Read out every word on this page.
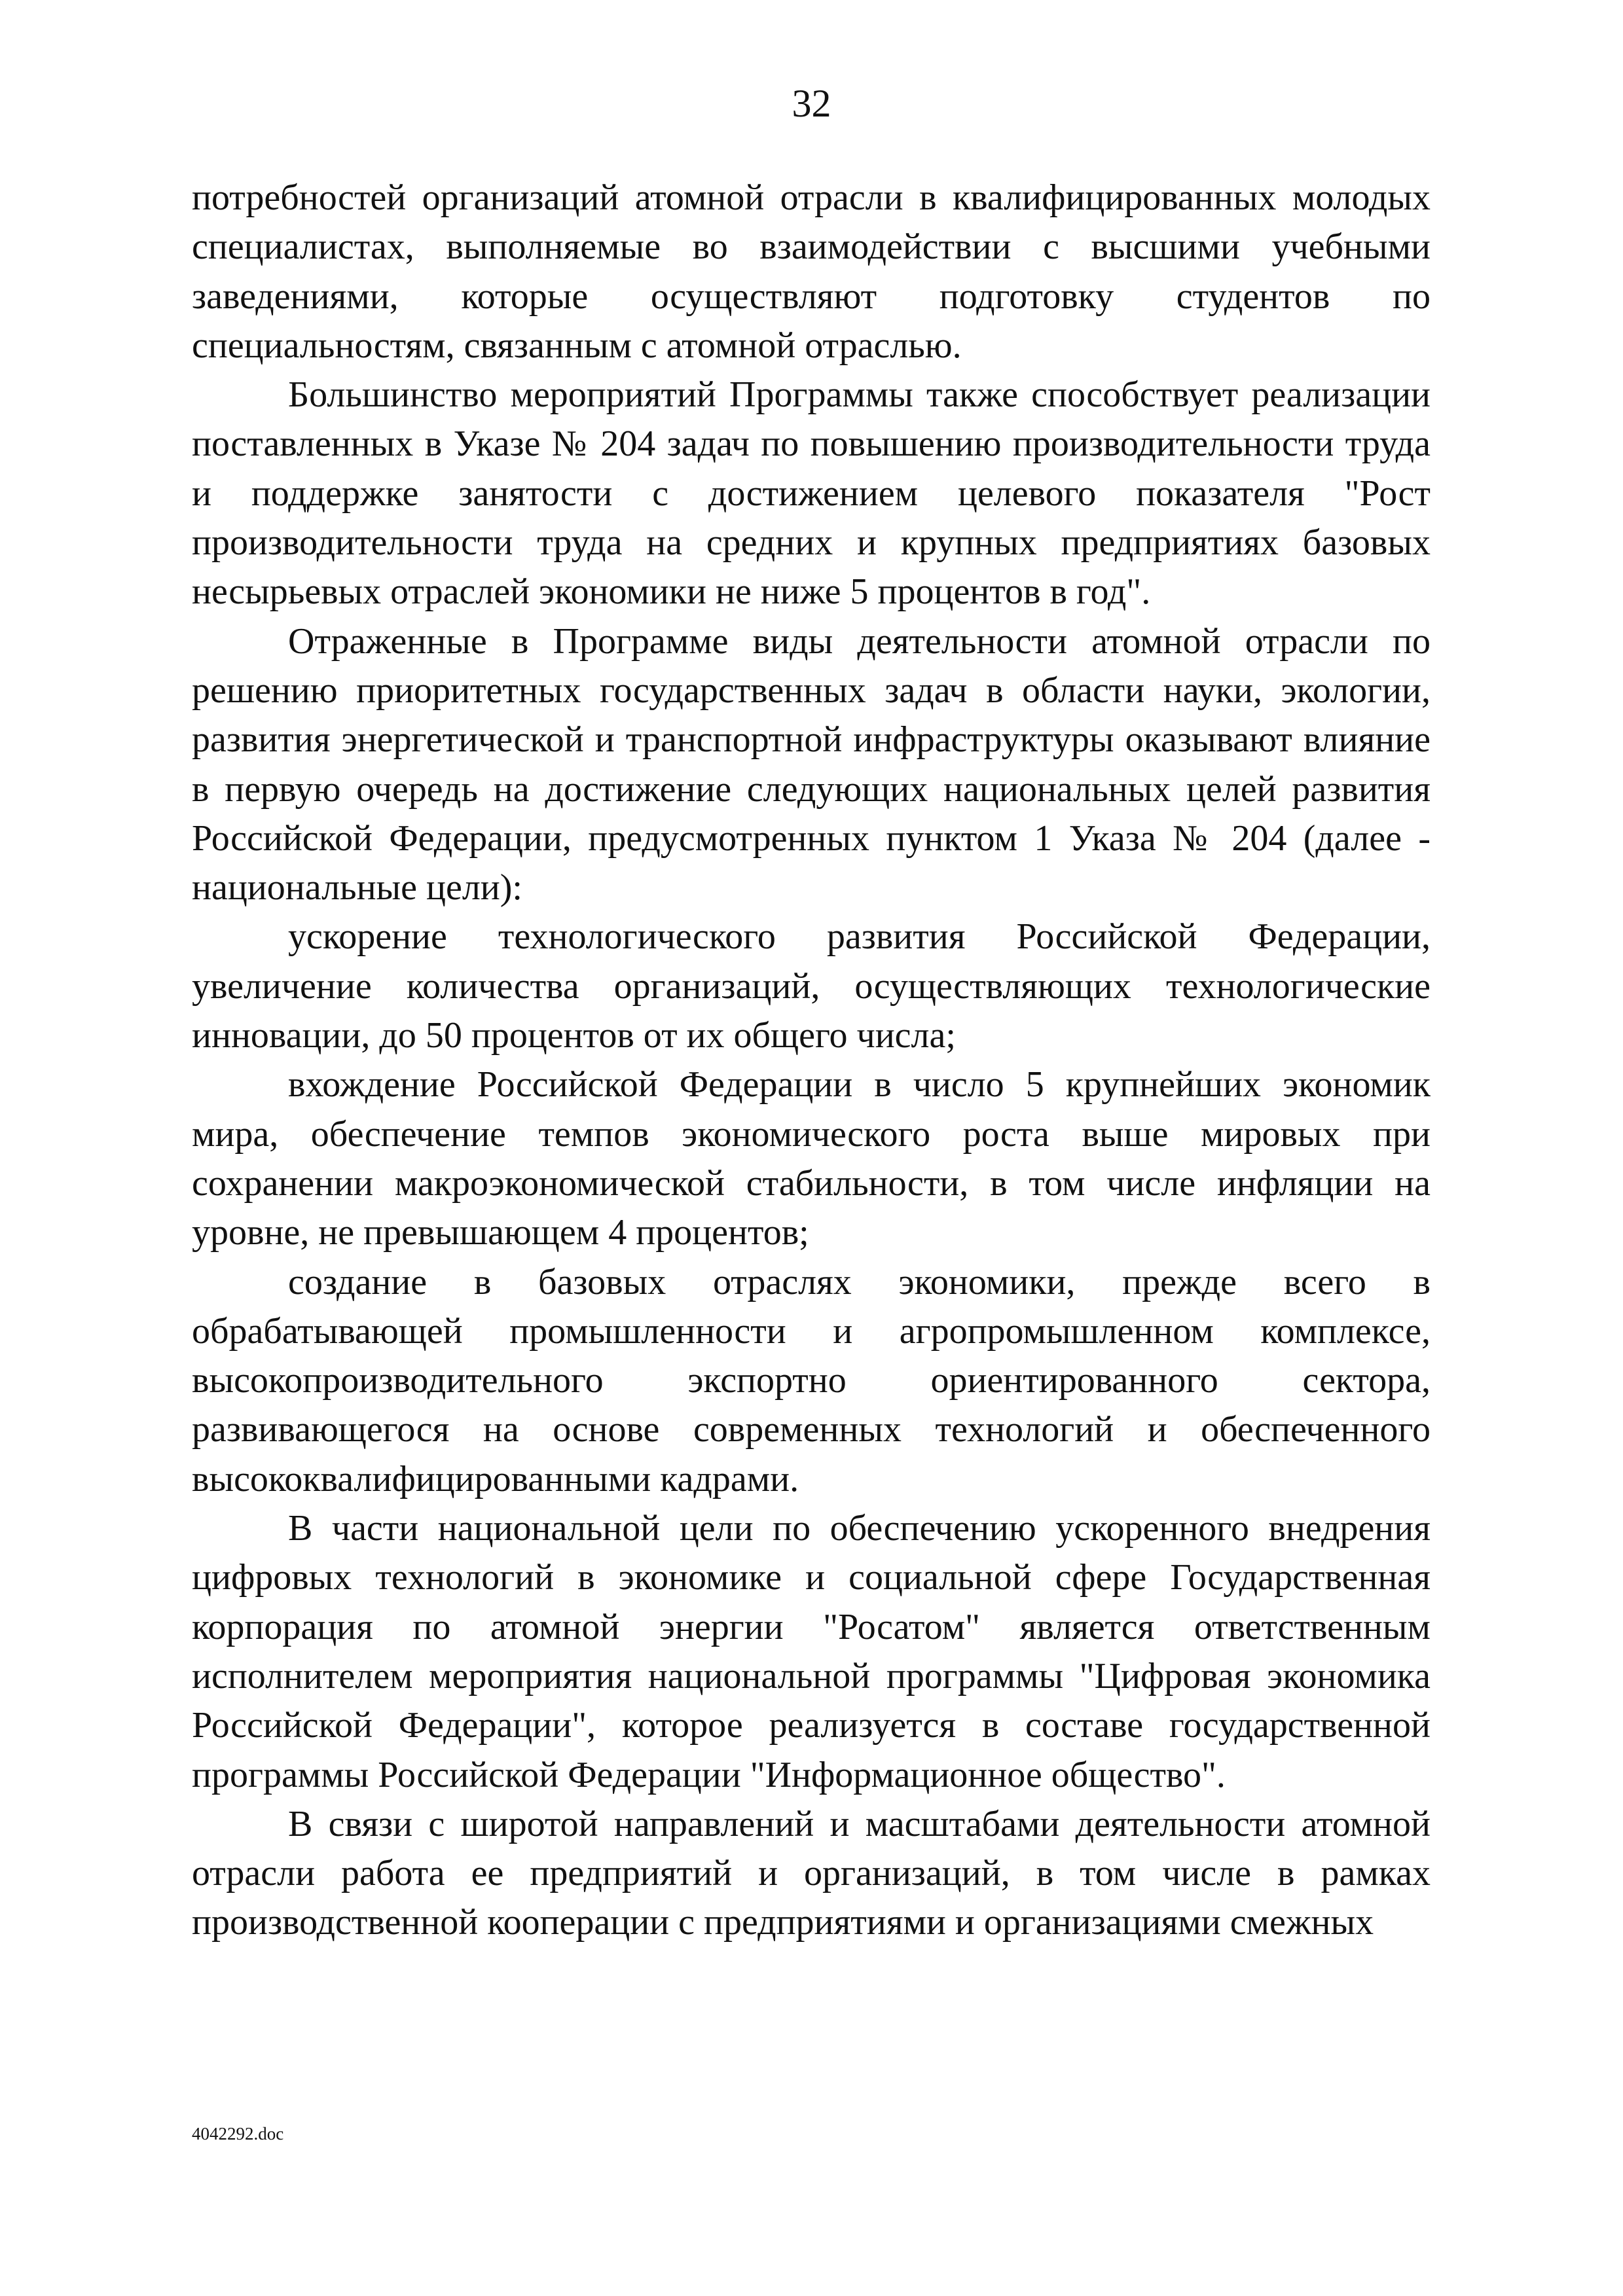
32

потребностей организаций атомной отрасли в квалифицированных молодых специалистах, выполняемые во взаимодействии с высшими учебными заведениями, которые осуществляют подготовку студентов по специальностям, связанным с атомной отраслью.

Большинство мероприятий Программы также способствует реализации поставленных в Указе № 204 задач по повышению производительности труда и поддержке занятости с достижением целевого показателя "Рост производительности труда на средних и крупных предприятиях базовых несырьевых отраслей экономики не ниже 5 процентов в год".

Отраженные в Программе виды деятельности атомной отрасли по решению приоритетных государственных задач в области науки, экологии, развития энергетической и транспортной инфраструктуры оказывают влияние в первую очередь на достижение следующих национальных целей развития Российской Федерации, предусмотренных пунктом 1 Указа № 204 (далее - национальные цели):

ускорение технологического развития Российской Федерации, увеличение количества организаций, осуществляющих технологические инновации, до 50 процентов от их общего числа;

вхождение Российской Федерации в число 5 крупнейших экономик мира, обеспечение темпов экономического роста выше мировых при сохранении макроэкономической стабильности, в том числе инфляции на уровне, не превышающем 4 процентов;

создание в базовых отраслях экономики, прежде всего в обрабатывающей промышленности и агропромышленном комплексе, высокопроизводительного экспортно ориентированного сектора, развивающегося на основе современных технологий и обеспеченного высококвалифицированными кадрами.

В части национальной цели по обеспечению ускоренного внедрения цифровых технологий в экономике и социальной сфере Государственная корпорация по атомной энергии "Росатом" является ответственным исполнителем мероприятия национальной программы "Цифровая экономика Российской Федерации", которое реализуется в составе государственной программы Российской Федерации "Информационное общество".

В связи с широтой направлений и масштабами деятельности атомной отрасли работа ее предприятий и организаций, в том числе в рамках производственной кооперации с предприятиями и организациями смежных

4042292.doc
